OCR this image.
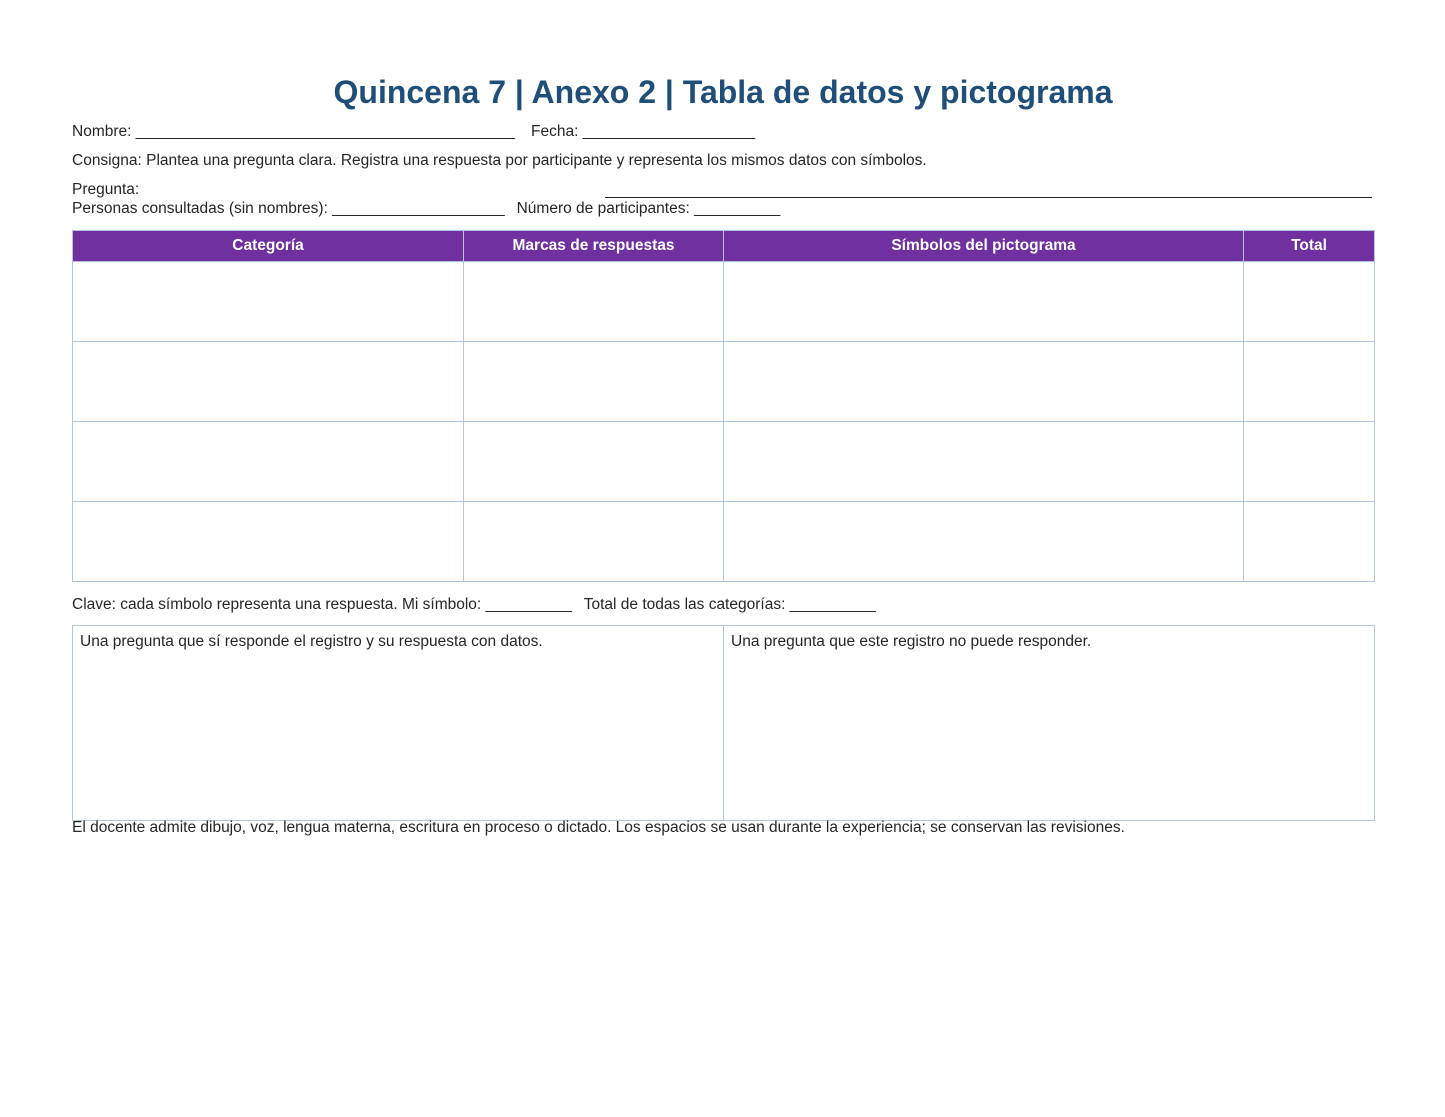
Quincena 7 | Anexo 2 | Tabla de datos y pictograma
Nombre: ____________________________________________ Fecha: ____________________
Consigna: Plantea una pregunta clara. Registra una respuesta por participante y representa los mismos datos con símbolos.
Pregunta:
Personas consultadas (sin nombres): ____________________ Número de participantes: __________
Categoría	Marcas de respuestas	Símbolos del pictograma	Total

Clave: cada símbolo representa una respuesta. Mi símbolo: __________ Total de todas las categorías: __________
Una pregunta que sí responde el registro y su respuesta con datos.	Una pregunta que este registro no puede responder.
El docente admite dibujo, voz, lengua materna, escritura en proceso o dictado. Los espacios se usan durante la experiencia; se conservan las revisiones.
